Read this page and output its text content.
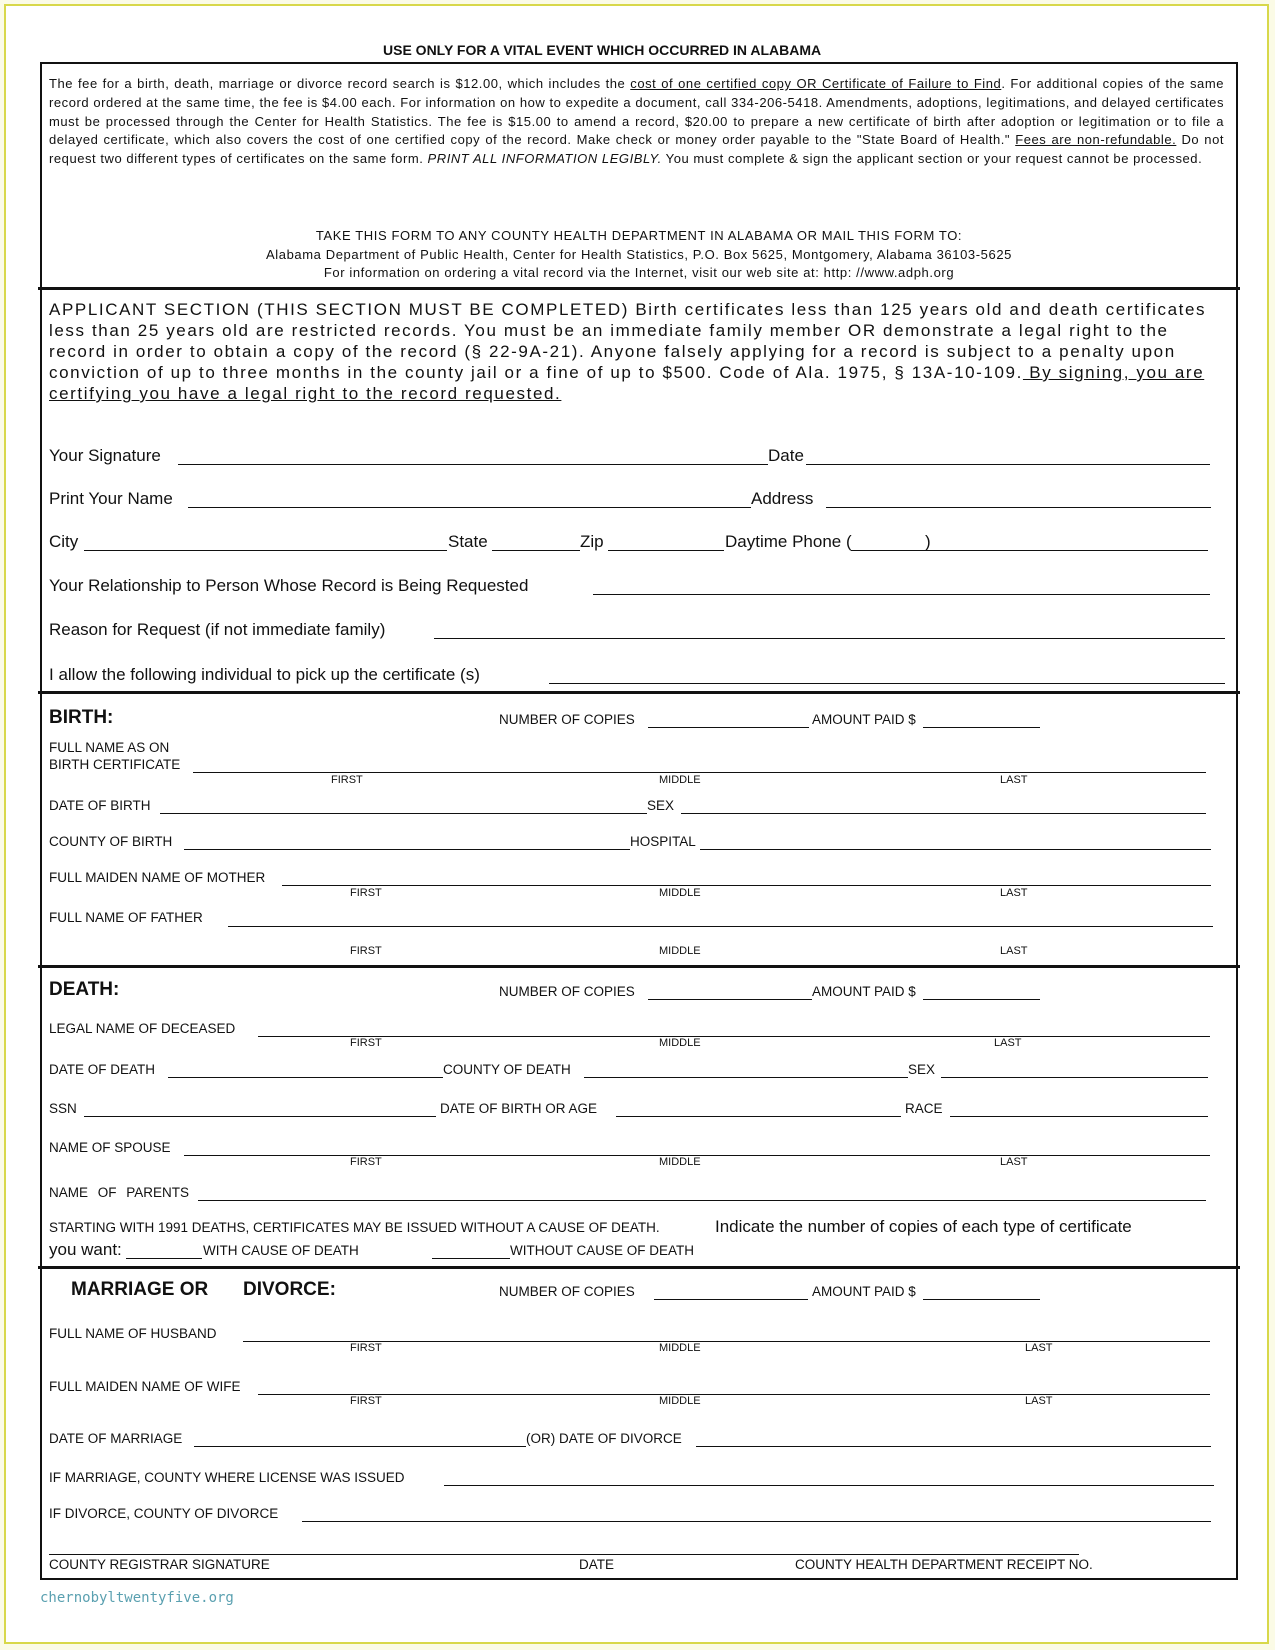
USE ONLY FOR A VITAL EVENT WHICH OCCURRED IN ALABAMA

The fee for a birth, death, marriage or divorce record search is $12.00, which includes the cost of one certified copy OR Certificate of Failure to Find. For additional copies of the same record ordered at the same time, the fee is $4.00 each. For information on how to expedite a document, call 334-206-5418. Amendments, adoptions, legitimations, and delayed certificates must be processed through the Center for Health Statistics. The fee is $15.00 to amend a record, $20.00 to prepare a new certificate of birth after adoption or legitimation or to file a delayed certificate, which also covers the cost of one certified copy of the record. Make check or money order payable to the "State Board of Health." Fees are non-refundable. Do not request two different types of certificates on the same form. PRINT ALL INFORMATION LEGIBLY. You must complete & sign the applicant section or your request cannot be processed.

TAKE THIS FORM TO ANY COUNTY HEALTH DEPARTMENT IN ALABAMA OR MAIL THIS FORM TO:
Alabama Department of Public Health, Center for Health Statistics, P.O. Box 5625, Montgomery, Alabama 36103-5625
For information on ordering a vital record via the Internet, visit our web site at: http: //www.adph.org
APPLICANT SECTION (THIS SECTION MUST BE COMPLETED) Birth certificates less than 125 years old and death certificates less than 25 years old are restricted records. You must be an immediate family member OR demonstrate a legal right to the record in order to obtain a copy of the record (§ 22-9A-21). Anyone falsely applying for a record is subject to a penalty upon conviction of up to three months in the county jail or a fine of up to $500. Code of Ala. 1975, § 13A-10-109. By signing, you are certifying you have a legal right to the record requested.
Your Signature	Date
Print Your Name	Address
City	State	Zip	Daytime Phone (	)
Your Relationship to Person Whose Record is Being Requested
Reason for Request (if not immediate family)
I allow the following individual to pick up the certificate (s)
BIRTH:	NUMBER OF COPIES	AMOUNT PAID $
FULL NAME AS ON
BIRTH CERTIFICATE
FIRST	MIDDLE	LAST
DATE OF BIRTH	SEX
COUNTY OF BIRTH	HOSPITAL
FULL MAIDEN NAME OF MOTHER
FIRST	MIDDLE	LAST
FULL NAME OF FATHER
FIRST	MIDDLE	LAST
DEATH:	NUMBER OF COPIES	AMOUNT PAID $
LEGAL NAME OF DECEASED
FIRST	MIDDLE	LAST
DATE OF DEATH	COUNTY OF DEATH	SEX
SSN	DATE OF BIRTH OR AGE	RACE
NAME OF SPOUSE
FIRST	MIDDLE	LAST
NAME OF PARENTS
STARTING WITH 1991 DEATHS, CERTIFICATES MAY BE ISSUED WITHOUT A CAUSE OF DEATH.	Indicate the number of copies of each type of certificate
you want:	WITH CAUSE OF DEATH	WITHOUT CAUSE OF DEATH
MARRIAGE OR DIVORCE:	NUMBER OF COPIES	AMOUNT PAID $
FULL NAME OF HUSBAND
FIRST	MIDDLE	LAST
FULL MAIDEN NAME OF WIFE
FIRST	MIDDLE	LAST
DATE OF MARRIAGE	(OR) DATE OF DIVORCE
IF MARRIAGE, COUNTY WHERE LICENSE WAS ISSUED
IF DIVORCE, COUNTY OF DIVORCE
COUNTY REGISTRAR SIGNATURE	DATE	COUNTY HEALTH DEPARTMENT RECEIPT NO.
chernobyltwentyfive.org
